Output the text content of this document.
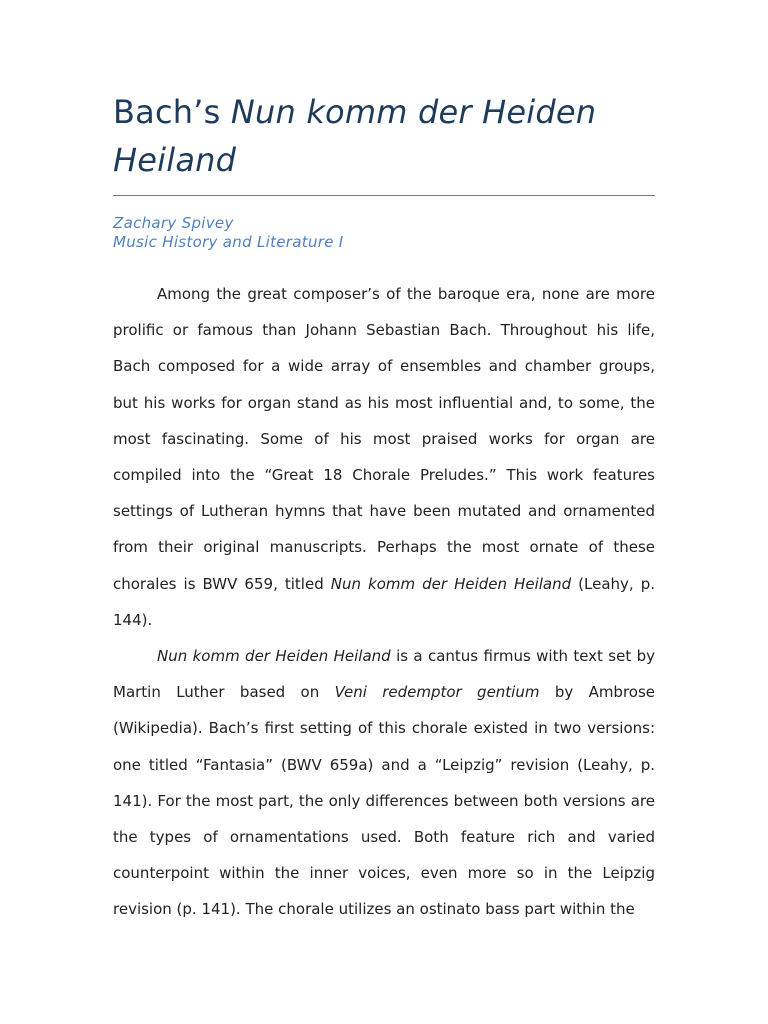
Bach’s Nun komm der Heiden
Heiland
Zachary Spivey
Music History and Literature I

Among the great composer’s of the baroque era, none are more prolific or famous than Johann Sebastian Bach. Throughout his life, Bach composed for a wide array of ensembles and chamber groups, but his works for organ stand as his most influential and, to some, the most fascinating. Some of his most praised works for organ are compiled into the “Great 18 Chorale Preludes.” This work features settings of Lutheran hymns that have been mutated and ornamented from their original manuscripts. Perhaps the most ornate of these chorales is BWV 659, titled Nun komm der Heiden Heiland (Leahy, p. 144).

Nun komm der Heiden Heiland is a cantus firmus with text set by Martin Luther based on Veni redemptor gentium by Ambrose (Wikipedia). Bach’s first setting of this chorale existed in two versions: one titled “Fantasia” (BWV 659a) and a “Leipzig” revision (Leahy, p. 141). For the most part, the only differences between both versions are the types of ornamentations used. Both feature rich and varied counterpoint within the inner voices, even more so in the Leipzig revision (p. 141). The chorale utilizes an ostinato bass part within the
